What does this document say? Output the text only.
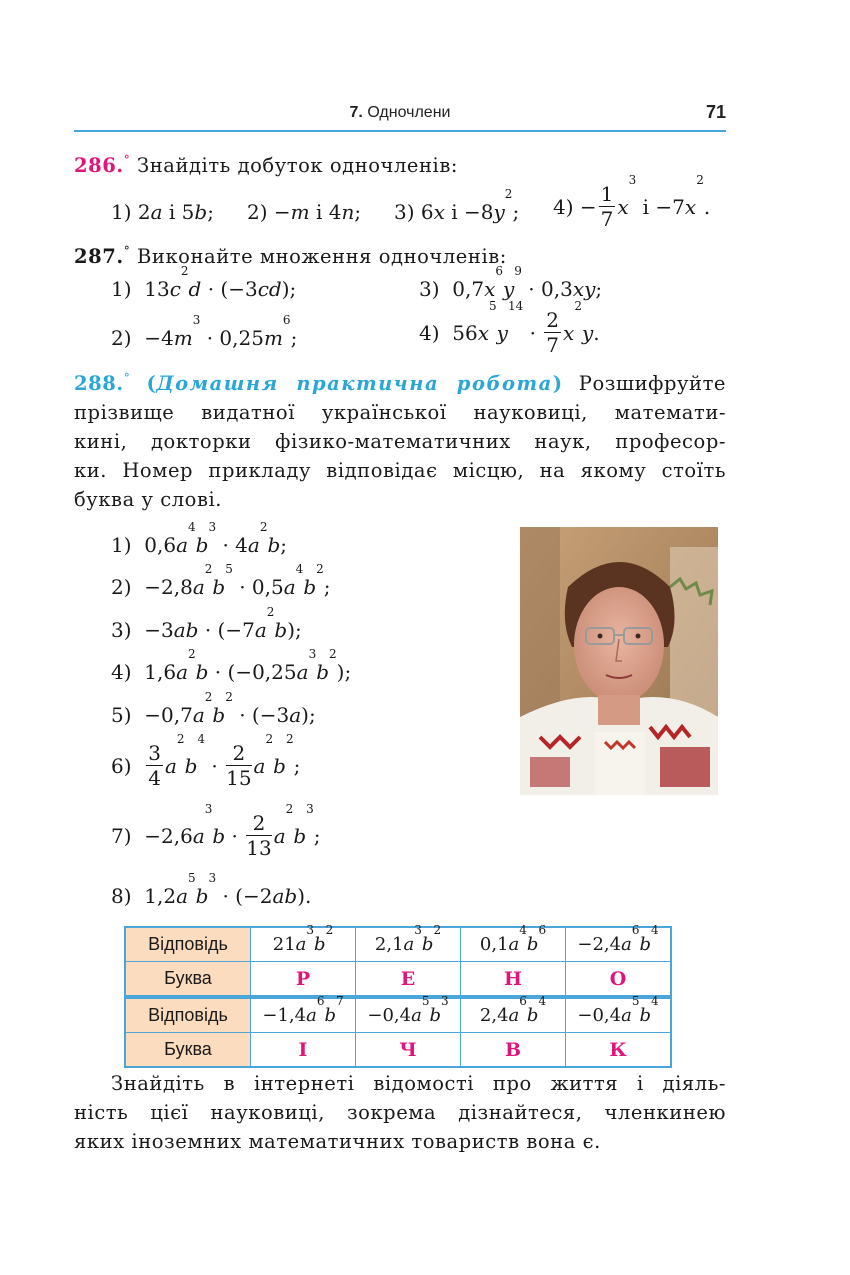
7. Одночлени	71
286.° Знайдіть добуток одночленів:
1) 2a і 5b; 2) −m і 4n; 3) 6x $і -8y^2$; $4) - \frac{1}{7} x^3$ $і -7x^2$.
287.° Виконайте множення одночленів:
1)  $13c^2d \cdot (-3cd)$;	3)  $0,7x^6y^9 \cdot 0,3xy$;
$2) -4m^3 \cdot 0,25m^6$;	4)  $56x^5y^{14} \cdot \frac{2}{7} x^2y$.
288.° (Домашня практична робота) Розшифруйте
прізвище видатної української науковиці, математи-
кині, докторки фізико-математичних наук, професор-
ки. Номер прикладу відповідає місцю, на якому стоїть
буква у слові.
1)  $0,6a^4b^3 \cdot 4a^2b$;
$2) -2,8a^2b^5 \cdot 0,5a^4b^2$;
$3) -3ab \cdot (-7a^2b)$;
4)  $1,6a^2b \cdot (-0,25a^3b^2)$;
$5) -0,7a^2b^2 \cdot (-3a)$;
$6) \frac{3}{4} a^2b^4 \cdot \frac{2}{15} a^2b^2$;
$7) -2,6a^3b \cdot \frac{2}{13} a^2b^3$;
8)  $1,2a^5b^3 \cdot (-2ab)$.
Відповідь	$21a^3b^2$	$2,1a^3b^2$	$0,1a^4b^6$	$-2,4a^6b^4$
Буква	Р	Е	Н	О
Відповідь	$-1,4a^6b^7$	$-0,4a^5b^3$	$2,4a^6b^4$	$-0,4a^5b^4$
Буква	І	Ч	В	К
Знайдіть в інтернеті відомості про життя і діяль-
ність цієї науковиці, зокрема дізнайтеся, членкинею
яких іноземних математичних товариств вона є.
